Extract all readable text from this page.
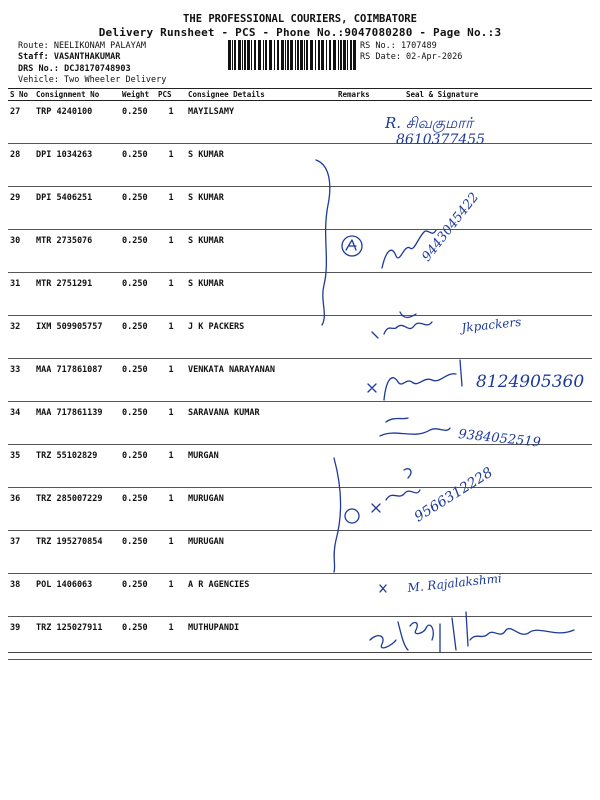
THE PROFESSIONAL COURIERS, COIMBATORE
Delivery Runsheet - PCS - Phone No.:9047080280 - Page No.:3
Route: NEELIKONAM PALAYAM
Staff: VASANTHAKUMAR
DRS No.: DCJ8170748903
Vehicle: Two Wheeler Delivery
RS No.: 1707489
RS Date: 02-Apr-2026
S No	Consignment No	Weight	PCS	Consignee Details	Remarks	Seal & Signature
27	TRP 4240100	0.250	1	MAYILSAMY		
28	DPI 1034263	0.250	1	S KUMAR		
29	DPI 5406251	0.250	1	S KUMAR		
30	MTR 2735076	0.250	1	S KUMAR		
31	MTR 2751291	0.250	1	S KUMAR		
32	IXM 509905757	0.250	1	J K PACKERS		
33	MAA 717861087	0.250	1	VENKATA NARAYANAN		
34	MAA 717861139	0.250	1	SARAVANA KUMAR		
35	TRZ 55102829	0.250	1	MURGAN		
36	TRZ 285007229	0.250	1	MURUGAN		
37	TRZ 195270854	0.250	1	MURUGAN		
38	POL 1406063	0.250	1	A R AGENCIES		
39	TRZ 125027911	0.250	1	MUTHUPANDI		
R. சிவகுமார்
8610377455
9443045422
Jkpackers
8124905360
9384052519
9566312228
M. Rajalakshmi
